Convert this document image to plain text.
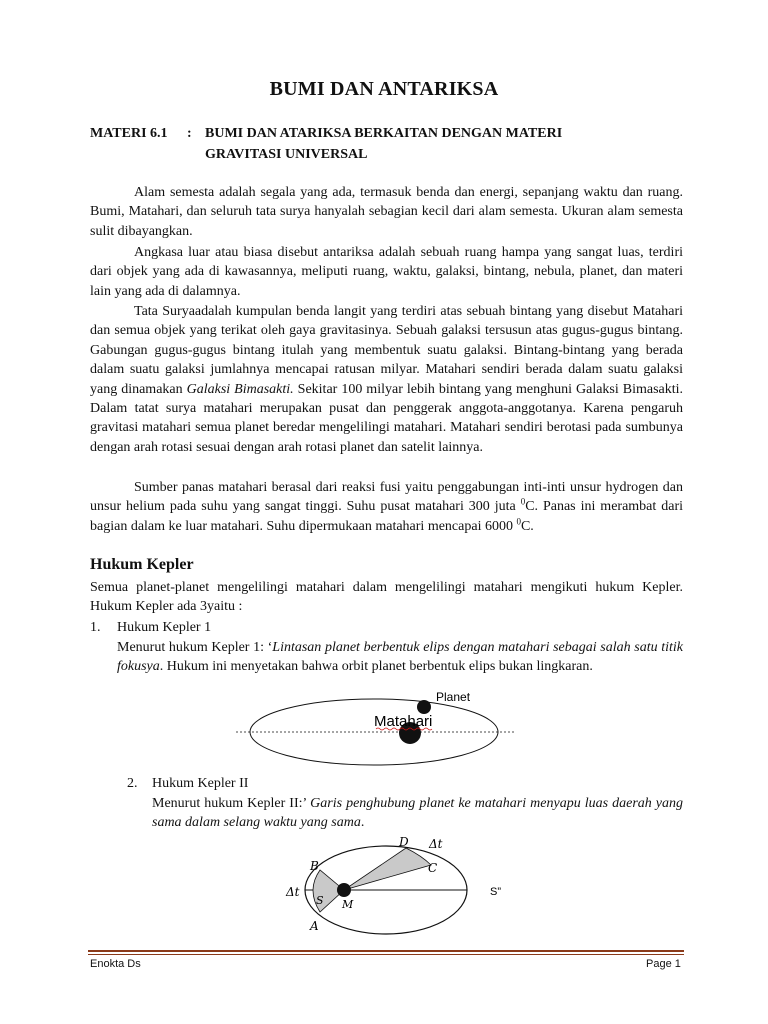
BUMI DAN ANTARIKSA
MATERI 6.1 : BUMI DAN ATARIKSA BERKAITAN DENGAN MATERI
GRAVITASI UNIVERSAL

Alam semesta adalah segala yang ada, termasuk benda dan energi, sepanjang waktu dan ruang. Bumi, Matahari, dan seluruh tata surya hanyalah sebagian kecil dari alam semesta. Ukuran alam semesta sulit dibayangkan.

Angkasa luar atau biasa disebut antariksa adalah sebuah ruang hampa yang sangat luas, terdiri dari objek yang ada di kawasannya, meliputi ruang, waktu, galaksi, bintang, nebula, planet, dan materi lain yang ada di dalamnya.

Tata Suryaadalah kumpulan benda langit yang terdiri atas sebuah bintang yang disebut Matahari dan semua objek yang terikat oleh gaya gravitasinya. Sebuah galaksi tersusun atas gugus-gugus bintang. Gabungan gugus-gugus bintang itulah yang membentuk suatu galaksi. Bintang-bintang yang berada dalam suatu galaksi jumlahnya mencapai ratusan milyar. Matahari sendiri berada dalam suatu galaksi yang dinamakan Galaksi Bimasakti. Sekitar 100 milyar lebih bintang yang menghuni Galaksi Bimasakti. Dalam tatat surya matahari merupakan pusat dan penggerak anggota-anggotanya. Karena pengaruh gravitasi matahari semua planet beredar mengelilingi matahari. Matahari sendiri berotasi pada sumbunya dengan arah rotasi sesuai dengan arah rotasi planet dan satelit lainnya.

Sumber panas matahari berasal dari reaksi fusi yaitu penggabungan inti-inti unsur hydrogen dan unsur helium pada suhu yang sangat tinggi. Suhu pusat matahari 300 juta $^0$C. Panas ini merambat dari bagian dalam ke luar matahari. Suhu dipermukaan matahari mencapai 6000 $^0$C.

Hukum Kepler

Semua planet-planet mengelilingi matahari dalam mengelilingi matahari mengikuti hukum Kepler. Hukum Kepler ada 3yaitu :

1. Hukum Kepler 1

Menurut hukum Kepler 1: ‘Lintasan planet berbentuk elips dengan matahari sebagai salah satu titik fokusya. Hukum ini menyetakan bahwa orbit planet berbentuk elips bukan lingkaran.

Planet
Matahari
2. Hukum Kepler II

Menurut hukum Kepler II:’ Garis penghubung planet ke matahari menyapu luas daerah yang sama dalam selang waktu yang sama.

D Δt
C
B
Δt
S M
A
S”
Enokta Ds	Page 1
